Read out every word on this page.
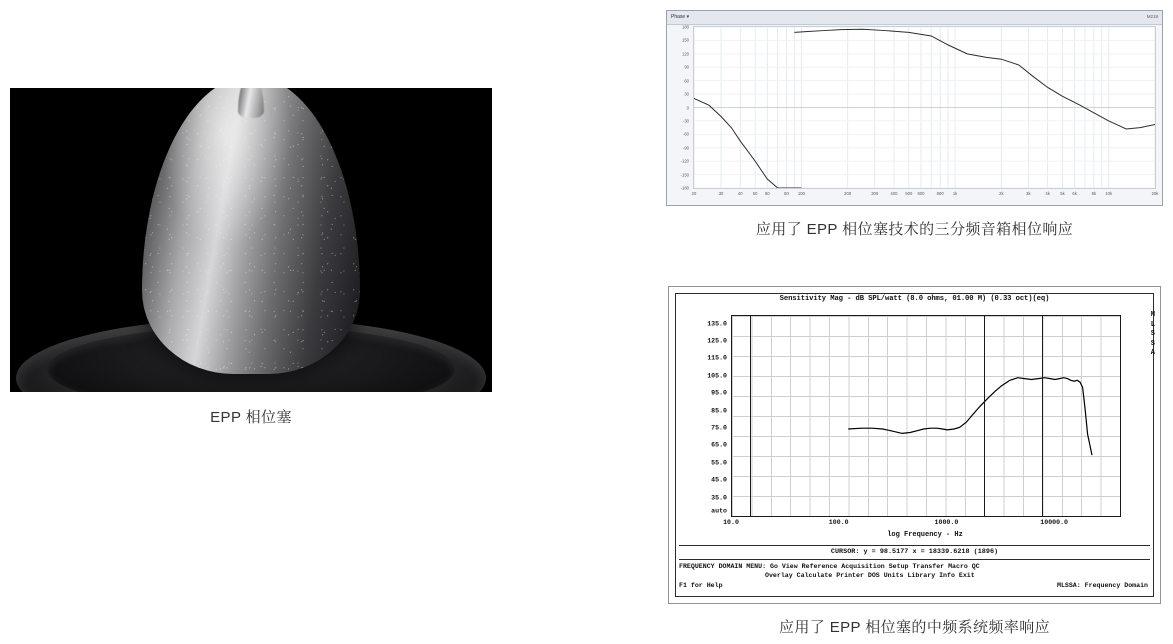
EPP 相位塞
Phase ▾	M218
180
150
120
90
60
30
0
-30
-60
-90
-120
-150
-180
20	30	40 50 60	80 100	200	300	400 500 600	800 1k	2k	3k	4k 5k 6k	8k 10k	20k
应用了 EPP 相位塞技术的三分频音箱相位响应
Sensitivity Mag - dB SPL/watt (8.0 ohms, 01.00 M) (0.33 oct)(eq)
M
L
S
S
A
135.0
125.0
115.0
105.0
95.0
85.0
75.0
65.0
55.0
45.0
35.0
auto
10.0	100.0	1000.0	10000.0
log Frequency - Hz
CURSOR: y = 98.5177 x = 18339.6218 (1896)
FREQUENCY DOMAIN MENU: Go View Reference Acquisition Setup Transfer Macro QC
Overlay Calculate Printer DOS Units Library Info Exit
F1 for Help	MLSSA: Frequency Domain
应用了 EPP 相位塞的中频系统频率响应
